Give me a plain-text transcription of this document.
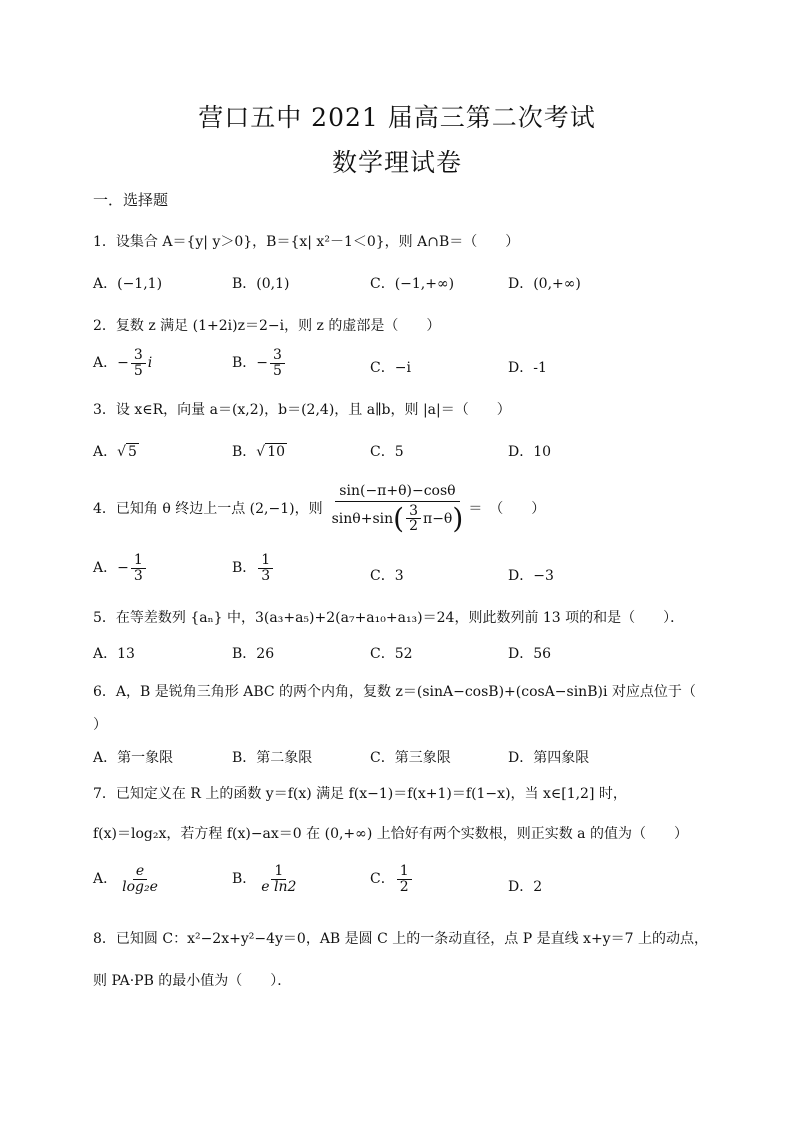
营口五中 2021 届高三第二次考试
数学理试卷
一．选择题
1．设集合 A＝{y| y＞0}，B＝{x| x²－1＜0}，则 A∩B＝（　　）
A．(−1,1)	B．(0,1)	C．(−1,+∞)	D．(0,+∞)
2．复数 z 满足 (1+2i)z＝2−i，则 z 的虚部是（　　）
A．− $\frac{3}{5}$ i	B．− $\frac{3}{5}$	C．−i	D．-1
3．设 x∈R，向量 a＝(x,2)，b＝(2,4)，且 a∥b，则 |a|＝（　　）
A．√ 5	B．√ 10	C．5	D．10
4．已知角 θ 终边上一点 (2,−1)，则 $\frac{\sin(-\pi+\theta)-\cos\theta}{\sin\theta+\sin ( \frac{3}{2} \pi-\theta )}$ ＝　（　　）
A．− $\frac{1}{3}$	B． $\frac{1}{3}$	C．3	D．−3
5．在等差数列 {aₙ} 中，3(a₃+a₅)+2(a₇+a₁₀+a₁₃)＝24，则此数列前 13 项的和是（　　）．
A．13	B．26	C．52	D．56
6．A，B 是锐角三角形 ABC 的两个内角，复数 z＝(sinA−cosB)+(cosA−sinB)i 对应点位于（
）
A．第一象限	B．第二象限	C．第三象限	D．第四象限
7．已知定义在 R 上的函数 y＝f(x) 满足 f(x−1)＝f(x+1)＝f(1−x)，当 x∈[1,2] 时，
f(x)＝log₂x，若方程 f(x)−ax＝0 在 (0,+∞) 上恰好有两个实数根，则正实数 a 的值为（　　）
A． $\frac{e}{\text{log₂e}}$	B． $\frac{1}{\text{e ln2}}$	C． $\frac{1}{2}$	D．2
8．已知圆 C：x²−2x+y²−4y＝0，AB 是圆 C 上的一条动直径，点 P 是直线 x+y＝7 上的动点，
则 PA·PB 的最小值为（　　）．
